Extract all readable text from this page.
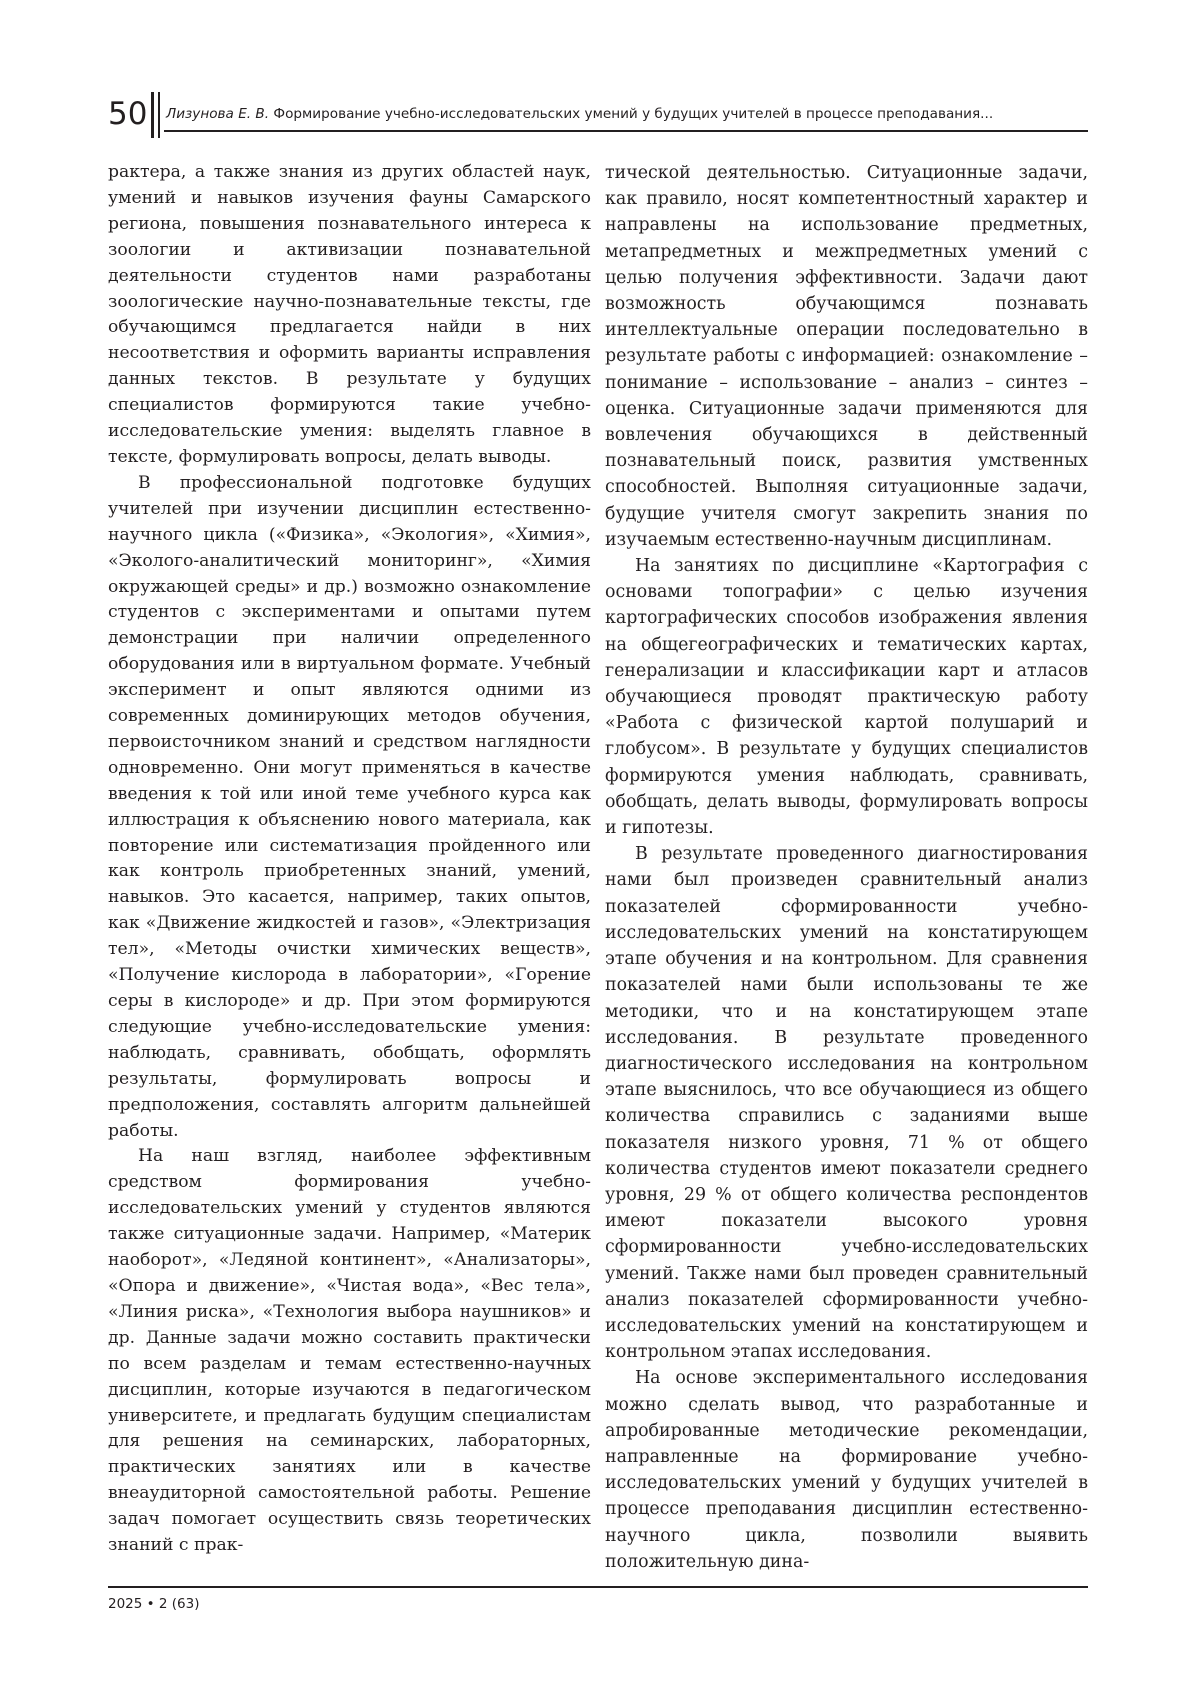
50 Лизунова Е. В. Формирование учебно-исследовательских умений у будущих учителей в процессе преподавания...

рактера, а также знания из других областей наук, умений и навыков изучения фауны Самарского региона, повышения познавательного интереса к зоологии и активизации познавательной деятельности студентов нами разработаны зоологические научно-познавательные тексты, где обучающимся предлагается найди в них несоответствия и оформить варианты исправления данных текстов. В результате у будущих специалистов формируются такие учебно-исследовательские умения: выделять главное в тексте, формулировать вопросы, делать выводы.

В профессиональной подготовке будущих учителей при изучении дисциплин естественно-научного цикла («Физика», «Экология», «Химия», «Эколого-аналитический мониторинг», «Химия окружающей среды» и др.) возможно ознакомление студентов с экспериментами и опытами путем демонстрации при наличии определенного оборудования или в виртуальном формате. Учебный эксперимент и опыт являются одними из современных доминирующих методов обучения, первоисточником знаний и средством наглядности одновременно. Они могут применяться в качестве введения к той или иной теме учебного курса как иллюстрация к объяснению нового материала, как повторение или систематизация пройденного или как контроль приобретенных знаний, умений, навыков. Это касается, например, таких опытов, как «Движение жидкостей и газов», «Электризация тел», «Методы очистки химических веществ», «Получение кислорода в лаборатории», «Горение серы в кислороде» и др. При этом формируются следующие учебно-исследовательские умения: наблюдать, сравнивать, обобщать, оформлять результаты, формулировать вопросы и предположения, составлять алгоритм дальнейшей работы.

На наш взгляд, наиболее эффективным средством формирования учебно-исследовательских умений у студентов являются также ситуационные задачи. Например, «Материк наоборот», «Ледяной континент», «Анализаторы», «Опора и движение», «Чистая вода», «Вес тела», «Линия риска», «Технология выбора наушников» и др. Данные задачи можно составить практически по всем разделам и темам естественно-научных дисциплин, которые изучаются в педагогическом университете, и предлагать будущим специалистам для решения на семинарских, лабораторных, практических занятиях или в качестве внеаудиторной самостоятельной работы. Решение задач помогает осуществить связь теоретических знаний с прак-

тической деятельностью. Ситуационные задачи, как правило, носят компетентностный характер и направлены на использование предметных, метапредметных и межпредметных умений с целью получения эффективности. Задачи дают возможность обучающимся познавать интеллектуальные операции последовательно в результате работы с информацией: ознакомление – понимание – использование – анализ – синтез – оценка. Ситуационные задачи применяются для вовлечения обучающихся в действенный познавательный поиск, развития умственных способностей. Выполняя ситуационные задачи, будущие учителя смогут закрепить знания по изучаемым естественно-научным дисциплинам.

На занятиях по дисциплине «Картография с основами топографии» с целью изучения картографических способов изображения явления на общегеографических и тематических картах, генерализации и классификации карт и атласов обучающиеся проводят практическую работу «Работа с физической картой полушарий и глобусом». В результате у будущих специалистов формируются умения наблюдать, сравнивать, обобщать, делать выводы, формулировать вопросы и гипотезы.

В результате проведенного диагностирования нами был произведен сравнительный анализ показателей сформированности учебно-исследовательских умений на констатирующем этапе обучения и на контрольном. Для сравнения показателей нами были использованы те же методики, что и на констатирующем этапе исследования. В результате проведенного диагностического исследования на контрольном этапе выяснилось, что все обучающиеся из общего количества справились с заданиями выше показателя низкого уровня, 71 % от общего количества студентов имеют показатели среднего уровня, 29 % от общего количества респондентов имеют показатели высокого уровня сформированности учебно-исследовательских умений. Также нами был проведен сравнительный анализ показателей сформированности учебно-исследовательских умений на констатирующем и контрольном этапах исследования.

На основе экспериментального исследования можно сделать вывод, что разработанные и апробированные методические рекомендации, направленные на формирование учебно-исследовательских умений у будущих учителей в процессе преподавания дисциплин естественно-научного цикла, позволили выявить положительную дина-

2025 • 2 (63)
